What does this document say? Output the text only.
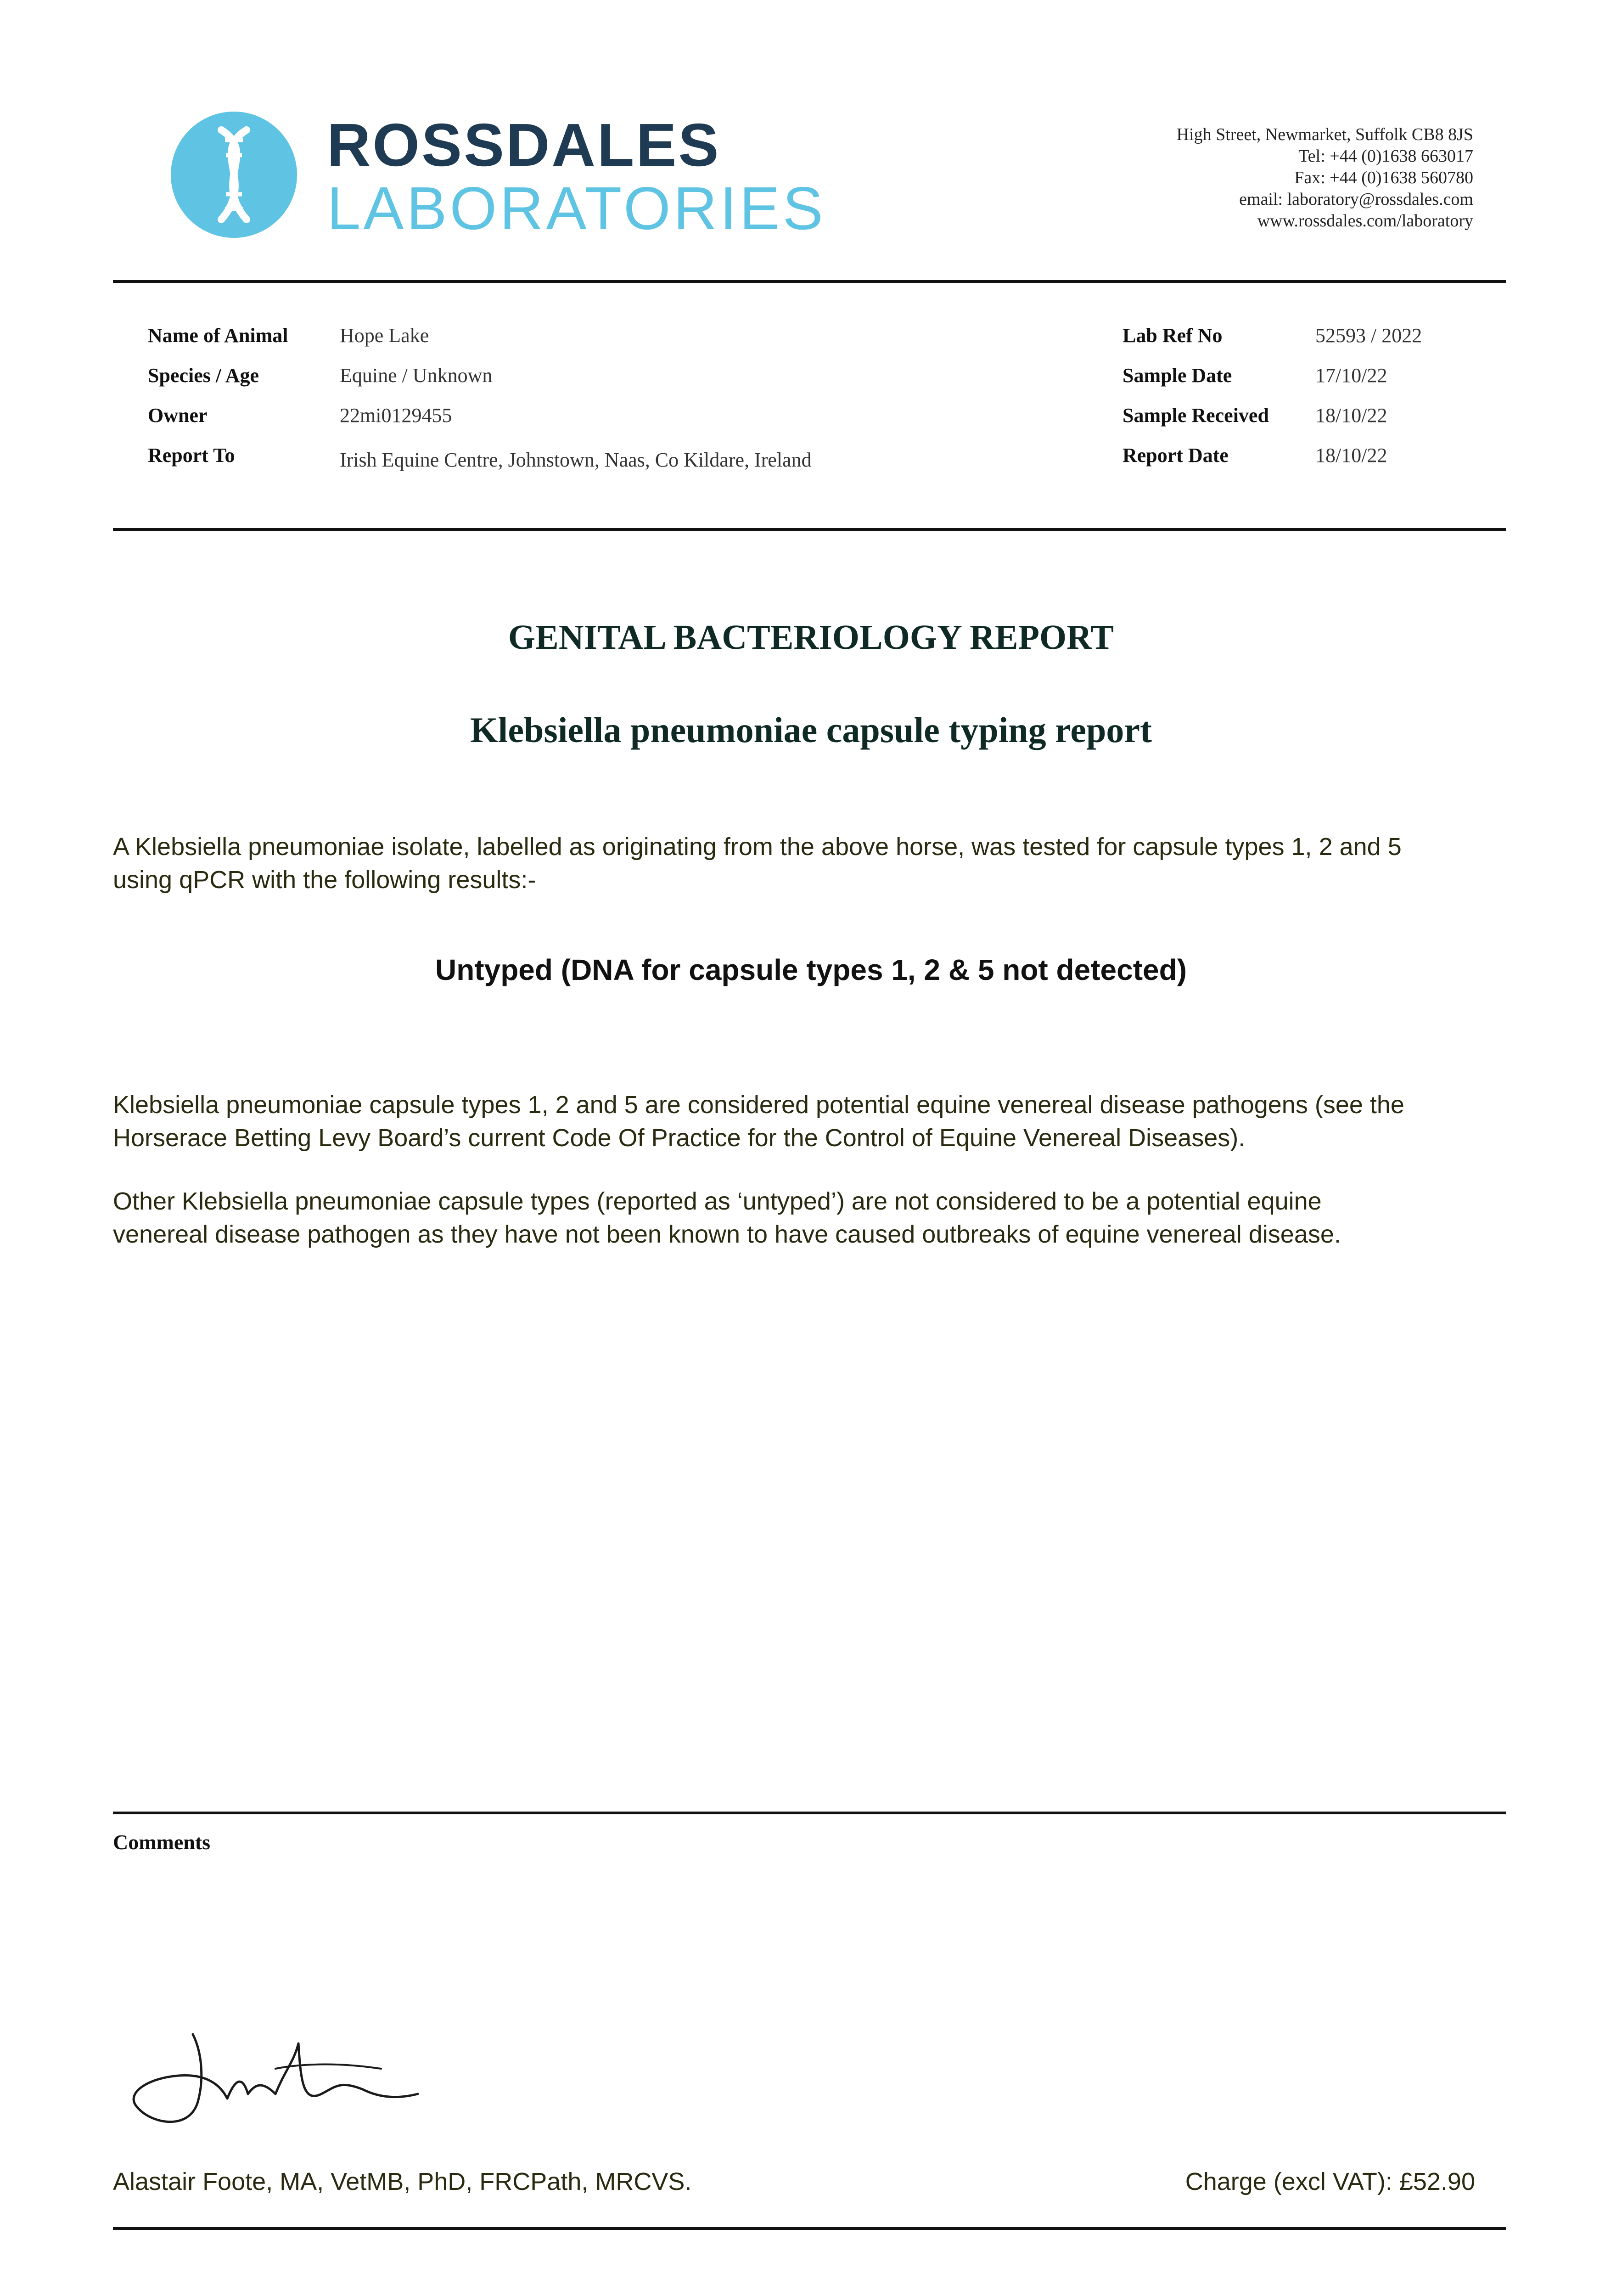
ROSSDALES
LABORATORIES
High Street, Newmarket, Suffolk CB8 8JS
Tel: +44 (0)1638 663017
Fax: +44 (0)1638 560780
email: laboratory@rossdales.com
www.rossdales.com/laboratory
Name of Animal	Hope Lake
Species / Age	Equine / Unknown
Owner	22mi0129455
Report To	Irish Equine Centre, Johnstown, Naas, Co Kildare, Ireland
Lab Ref No	52593 / 2022
Sample Date	17/10/22
Sample Received 18/10/22
Report Date	18/10/22
GENITAL BACTERIOLOGY REPORT
Klebsiella pneumoniae capsule typing report
A Klebsiella pneumoniae isolate, labelled as originating from the above horse, was tested for capsule types 1, 2 and 5
using qPCR with the following results:-
Untyped (DNA for capsule types 1, 2 & 5 not detected)
Klebsiella pneumoniae capsule types 1, 2 and 5 are considered potential equine venereal disease pathogens (see the
Horserace Betting Levy Board’s current Code Of Practice for the Control of Equine Venereal Diseases).
Other Klebsiella pneumoniae capsule types (reported as ‘untyped’) are not considered to be a potential equine
venereal disease pathogen as they have not been known to have caused outbreaks of equine venereal disease.
Comments
Alastair Foote, MA, VetMB, PhD, FRCPath, MRCVS.	Charge (excl VAT): £52.90
